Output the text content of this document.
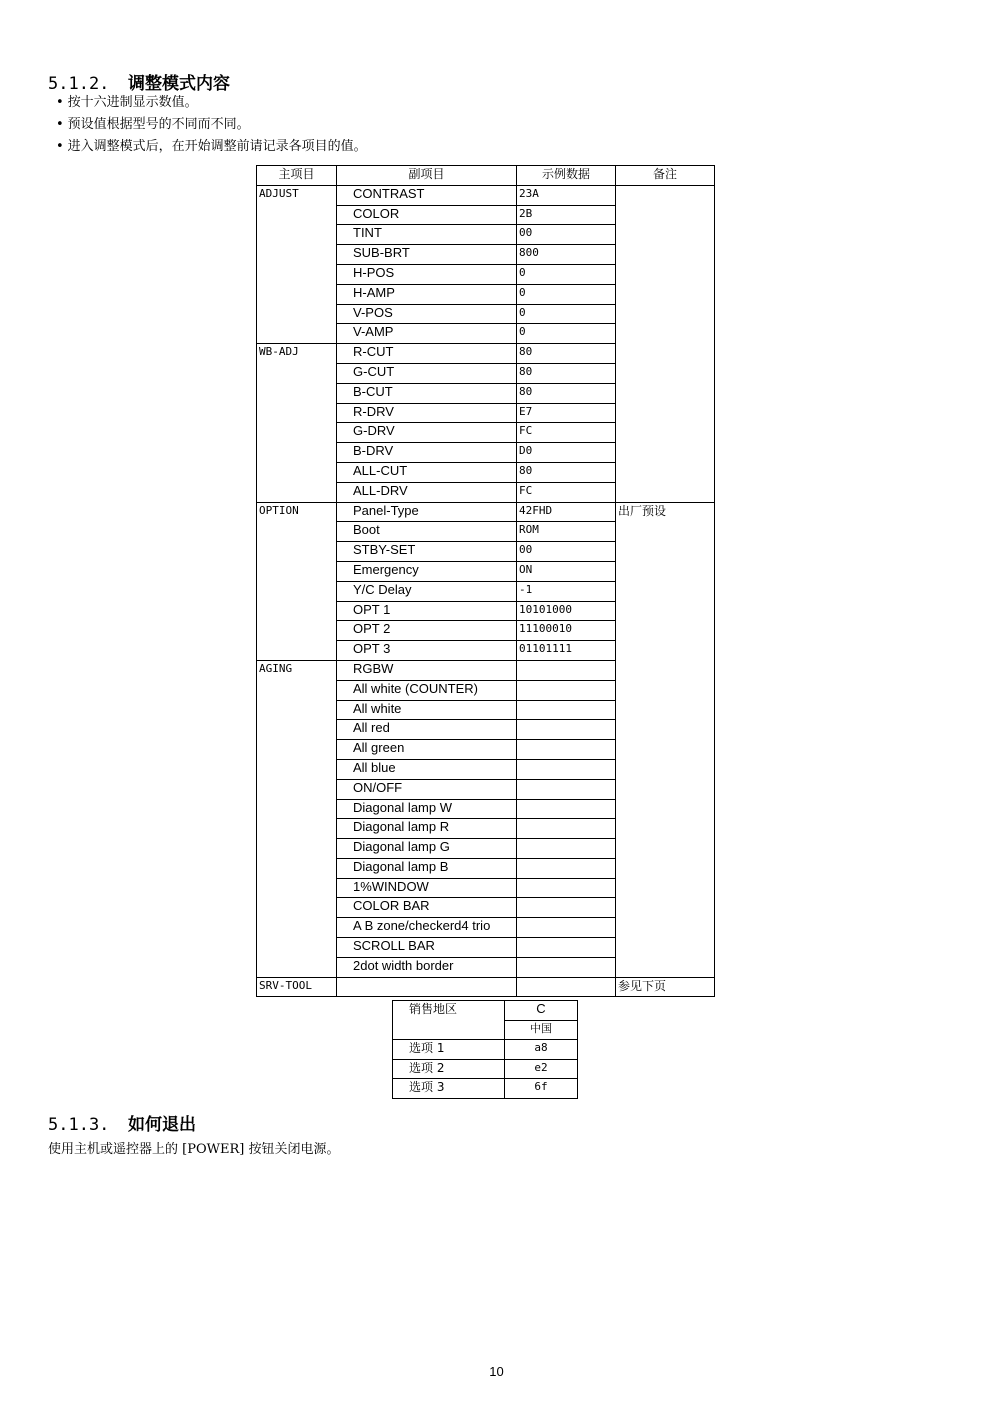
5.1.2. 调整模式内容
• 按十六进制显示数值。
• 预设值根据型号的不同而不同。
• 进入调整模式后，在开始调整前请记录各项目的值。
主项目	副项目	示例数据	备注
ADJUST	CONTRAST	23A	
	COLOR	2B	
	TINT	00	
	SUB-BRT	800	
	H-POS	0	
	H-AMP	0	
	V-POS	0	
	V-AMP	0	
WB-ADJ	R-CUT	80	
	G-CUT	80	
	B-CUT	80	
	R-DRV	E7	
	G-DRV	FC	
	B-DRV	D0	
	ALL-CUT	80	
	ALL-DRV	FC	
OPTION	Panel-Type	42FHD	出厂预设
	Boot	ROM	
	STBY-SET	00	
	Emergency	ON	
	Y/C Delay	-1	
	OPT 1	10101000	
	OPT 2	11100010	
	OPT 3	01101111	
AGING	RGBW		
	All white (COUNTER)		
	All white		
	All red		
	All green		
	All blue		
	ON/OFF		
	Diagonal lamp W		
	Diagonal lamp R		
	Diagonal lamp G		
	Diagonal lamp B		
	1%WINDOW		
	COLOR BAR		
	A B zone/checkerd4 trio		
	SCROLL BAR		
	2dot width border		
SRV-TOOL			参见下页
销售地区	C
	中国
选项 1	a8
选项 2	e2
选项 3	6f
5.1.3. 如何退出
使用主机或遥控器上的 [POWER] 按钮关闭电源。
10
